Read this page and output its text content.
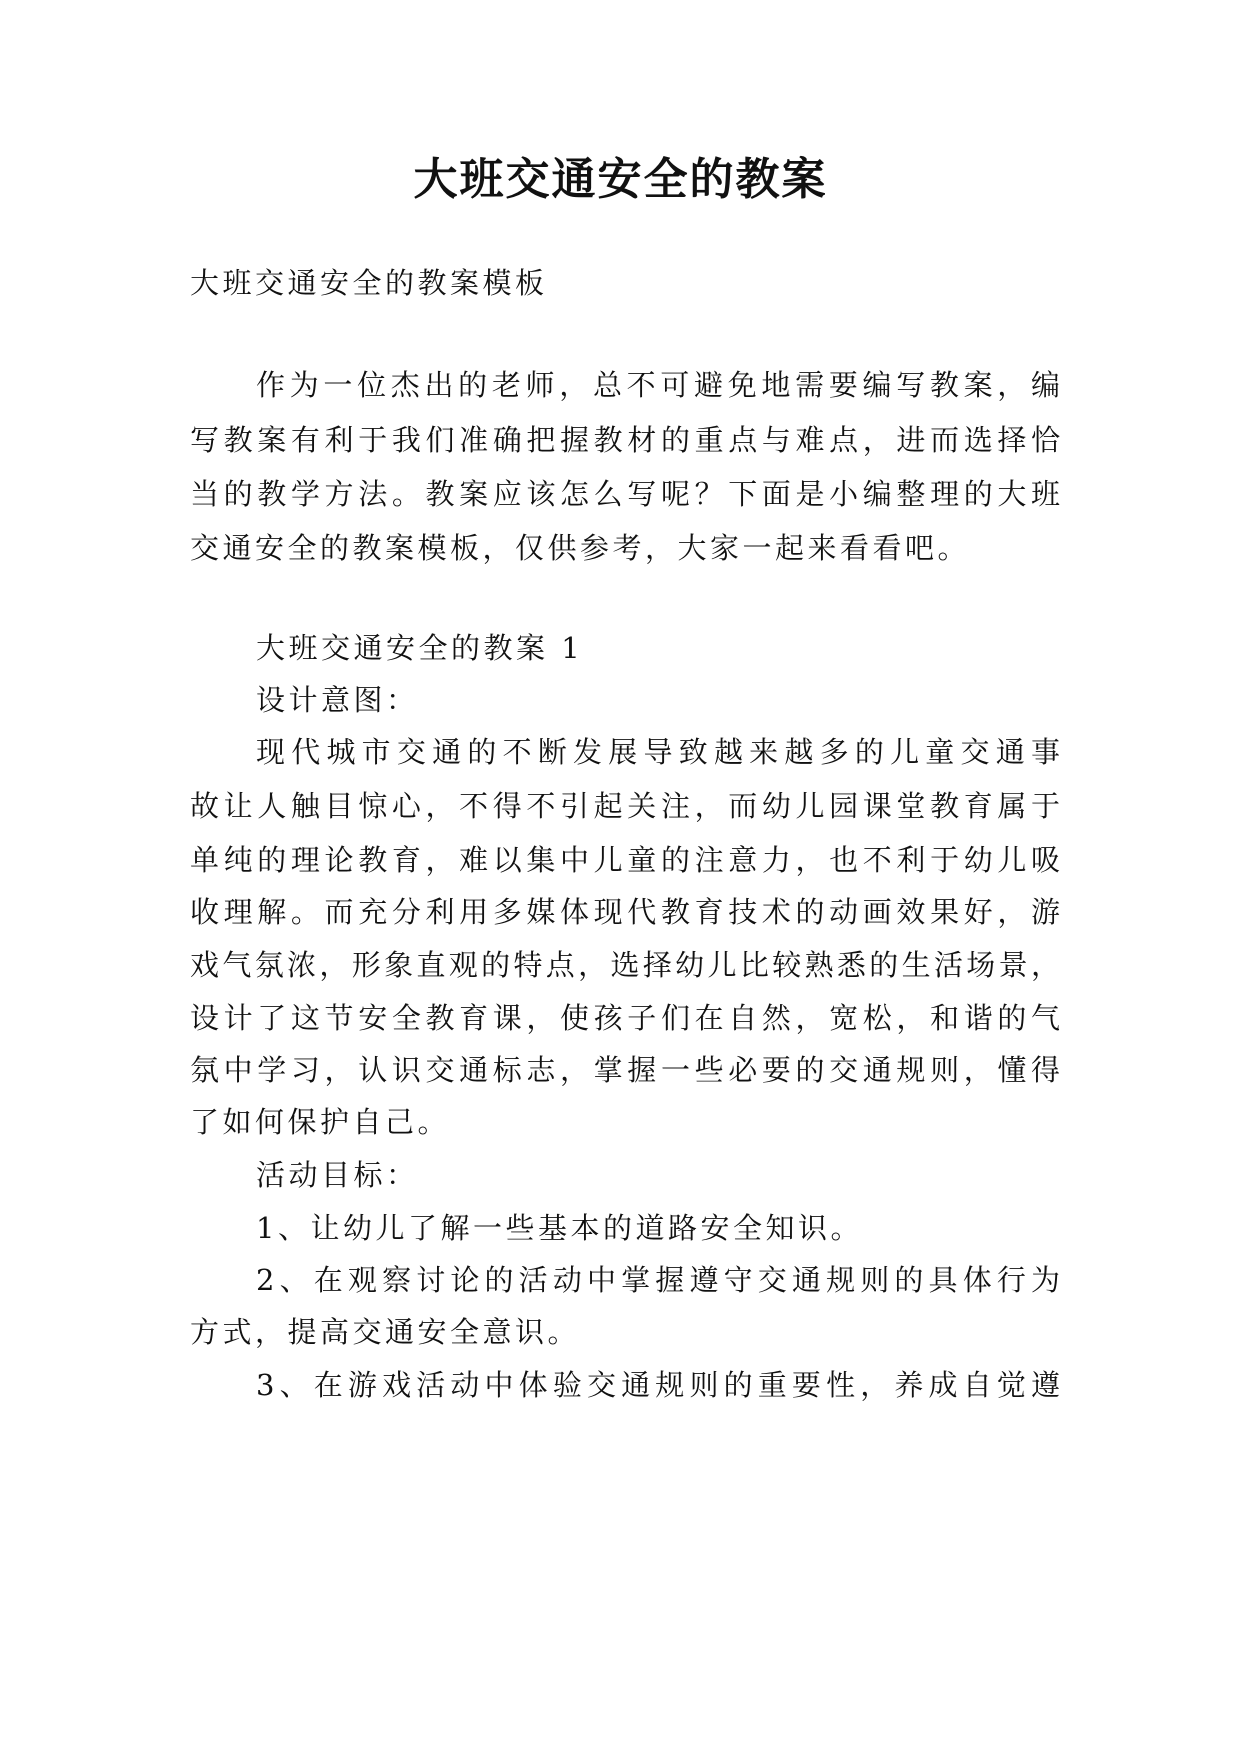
大班交通安全的教案
大班交通安全的教案模板
作为一位杰出的老师，总不可避免地需要编写教案，编
写教案有利于我们准确把握教材的重点与难点，进而选择恰
当的教学方法。教案应该怎么写呢？下面是小编整理的大班
交通安全的教案模板，仅供参考，大家一起来看看吧。
大班交通安全的教案 1
设计意图：
现代城市交通的不断发展导致越来越多的儿童交通事
故让人触目惊心，不得不引起关注，而幼儿园课堂教育属于
单纯的理论教育，难以集中儿童的注意力，也不利于幼儿吸
收理解。而充分利用多媒体现代教育技术的动画效果好，游
戏气氛浓，形象直观的特点，选择幼儿比较熟悉的生活场景，
设计了这节安全教育课，使孩子们在自然，宽松，和谐的气
氛中学习，认识交通标志，掌握一些必要的交通规则，懂得
了如何保护自己。
活动目标：
1、让幼儿了解一些基本的道路安全知识。
2、在观察讨论的活动中掌握遵守交通规则的具体行为
方式，提高交通安全意识。
3、在游戏活动中体验交通规则的重要性，养成自觉遵
